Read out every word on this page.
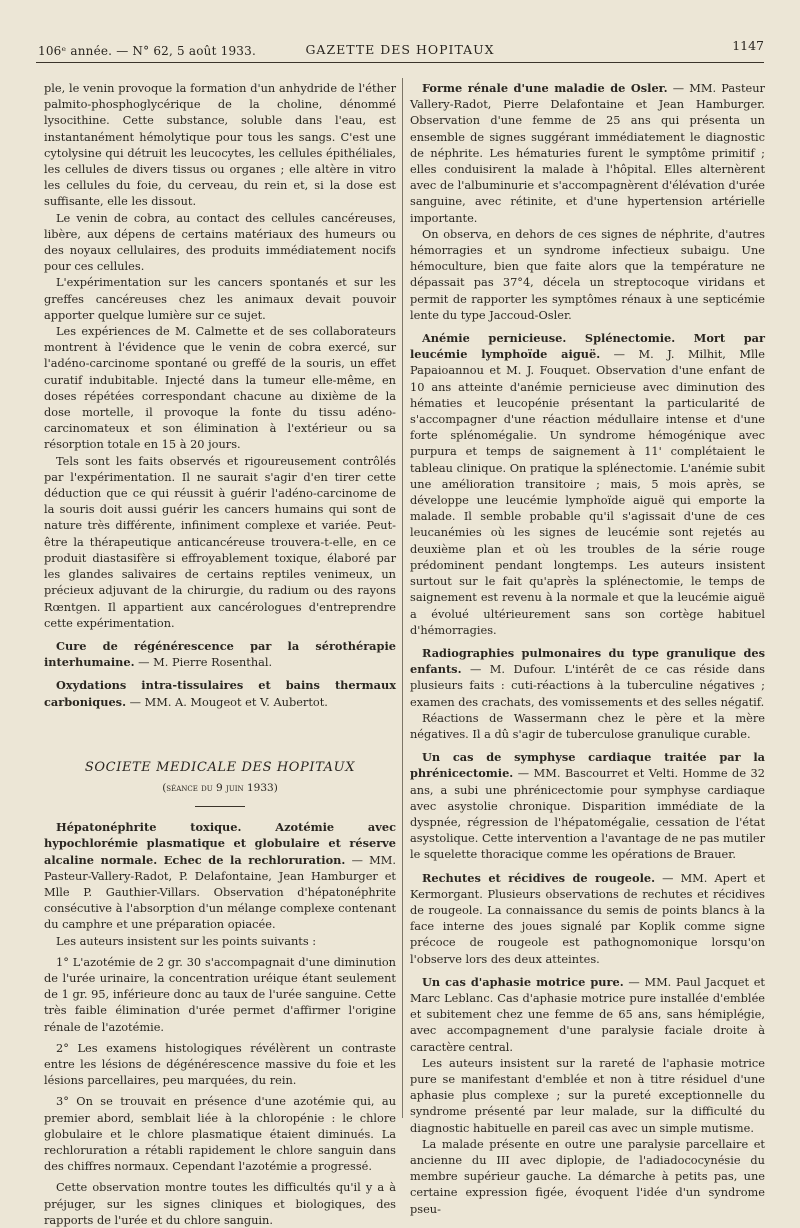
106ᵉ année. — N° 62, 5 août 1933.	GAZETTE DES HOPITAUX	1147

ple, le venin provoque la formation d'un anhydride de l'éther palmito-phosphoglycérique de la choline, dénommé lysocithine. Cette substance, soluble dans l'eau, est instantanément hémolytique pour tous les sangs. C'est une cytolysine qui détruit les leucocytes, les cellules épithéliales, les cellules de divers tissus ou organes ; elle altère in vitro les cellules du foie, du cerveau, du rein et, si la dose est suffisante, elle les dissout.

Le venin de cobra, au contact des cellules cancéreuses, libère, aux dépens de certains matériaux des humeurs ou des noyaux cellulaires, des produits immédiatement nocifs pour ces cellules.

L'expérimentation sur les cancers spontanés et sur les greffes cancéreuses chez les animaux devait pouvoir apporter quelque lumière sur ce sujet.

Les expériences de M. Calmette et de ses collaborateurs montrent à l'évidence que le venin de cobra exercé, sur l'adéno-carcinome spontané ou greffé de la souris, un effet curatif indubitable. Injecté dans la tumeur elle-même, en doses répétées correspondant chacune au dixième de la dose mortelle, il provoque la fonte du tissu adéno-carcinomateux et son élimination à l'extérieur ou sa résorption totale en 15 à 20 jours.

Tels sont les faits observés et rigoureusement contrôlés par l'expérimentation. Il ne saurait s'agir d'en tirer cette déduction que ce qui réussit à guérir l'adéno-carcinome de la souris doit aussi guérir les cancers humains qui sont de nature très différente, infiniment complexe et variée. Peut-être la thérapeutique anticancéreuse trouvera-t-elle, en ce produit diastasifère si effroyablement toxique, élaboré par les glandes salivaires de certains reptiles venimeux, un précieux adjuvant de la chirurgie, du radium ou des rayons Rœntgen. Il appartient aux cancérologues d'entreprendre cette expérimentation.

Cure de régénérescence par la sérothérapie interhumaine. — M. Pierre Rosenthal.

Oxydations intra-tissulaires et bains thermaux carboniques. — MM. A. Mougeot et V. Aubertot.

SOCIETE MEDICALE DES HOPITAUX

(séance du 9 juin 1933)

Hépatonéphrite toxique. Azotémie avec hypochlorémie plasmatique et globulaire et réserve alcaline normale. Echec de la rechloruration. — MM. Pasteur-Vallery-Radot, P. Delafontaine, Jean Hamburger et Mlle P. Gauthier-Villars. Observation d'hépatonéphrite consécutive à l'absorption d'un mélange complexe contenant du camphre et une préparation opiacée.

Les auteurs insistent sur les points suivants :

1° L'azotémie de 2 gr. 30 s'accompagnait d'une diminution de l'urée urinaire, la concentration uréique étant seulement de 1 gr. 95, inférieure donc au taux de l'urée sanguine. Cette très faible élimination d'urée permet d'affirmer l'origine rénale de l'azotémie.

2° Les examens histologiques révélèrent un contraste entre les lésions de dégénérescence massive du foie et les lésions parcellaires, peu marquées, du rein.

3° On se trouvait en présence d'une azotémie qui, au premier abord, semblait liée à la chloropénie : le chlore globulaire et le chlore plasmatique étaient diminués. La rechloruration a rétabli rapidement le chlore sanguin dans des chiffres normaux. Cependant l'azotémie a progressé.

Cette observation montre toutes les difficultés qu'il y a à préjuger, sur les signes cliniques et biologiques, des rapports de l'urée et du chlore sanguin.

Forme rénale d'une maladie de Osler. — MM. Pasteur Vallery-Radot, Pierre Delafontaine et Jean Hamburger. Observation d'une femme de 25 ans qui présenta un ensemble de signes suggérant immédiatement le diagnostic de néphrite. Les hématuries furent le symptôme primitif ; elles conduisirent la malade à l'hôpital. Elles alternèrent avec de l'albuminurie et s'accompagnèrent d'élévation d'urée sanguine, avec rétinite, et d'une hypertension artérielle importante.

On observa, en dehors de ces signes de néphrite, d'autres hémorragies et un syndrome infectieux subaigu. Une hémoculture, bien que faite alors que la température ne dépassait pas 37°4, décela un streptocoque viridans et permit de rapporter les symptômes rénaux à une septicémie lente du type Jaccoud-Osler.

Anémie pernicieuse. Splénectomie. Mort par leucémie lymphoïde aiguë. — M. J. Milhit, Mlle Papaioannou et M. J. Fouquet. Observation d'une enfant de 10 ans atteinte d'anémie pernicieuse avec diminution des hématies et leucopénie présentant la particularité de s'accompagner d'une réaction médullaire intense et d'une forte splénomégalie. Un syndrome hémogénique avec purpura et temps de saignement à 11' complétaient le tableau clinique. On pratique la splénectomie. L'anémie subit une amélioration transitoire ; mais, 5 mois après, se développe une leucémie lymphoïde aiguë qui emporte la malade. Il semble probable qu'il s'agissait d'une de ces leucanémies où les signes de leucémie sont rejetés au deuxième plan et où les troubles de la série rouge prédominent pendant longtemps. Les auteurs insistent surtout sur le fait qu'après la splénectomie, le temps de saignement est revenu à la normale et que la leucémie aiguë a évolué ultérieurement sans son cortège habituel d'hémorragies.

Radiographies pulmonaires du type granulique des enfants. — M. Dufour. L'intérêt de ce cas réside dans plusieurs faits : cuti-réactions à la tuberculine négatives ; examen des crachats, des vomissements et des selles négatif.

Réactions de Wassermann chez le père et la mère négatives. Il a dû s'agir de tuberculose granulique curable.

Un cas de symphyse cardiaque traitée par la phrénicectomie. — MM. Bascourret et Velti. Homme de 32 ans, a subi une phrénicectomie pour symphyse cardiaque avec asystolie chronique. Disparition immédiate de la dyspnée, régression de l'hépatomégalie, cessation de l'état asystolique. Cette intervention a l'avantage de ne pas mutiler le squelette thoracique comme les opérations de Brauer.

Rechutes et récidives de rougeole. — MM. Apert et Kermorgant. Plusieurs observations de rechutes et récidives de rougeole. La connaissance du semis de points blancs à la face interne des joues signalé par Koplik comme signe précoce de rougeole est pathognomonique lorsqu'on l'observe lors des deux atteintes.

Un cas d'aphasie motrice pure. — MM. Paul Jacquet et Marc Leblanc. Cas d'aphasie motrice pure installée d'emblée et subitement chez une femme de 65 ans, sans hémiplégie, avec accompagnement d'une paralysie faciale droite à caractère central.

Les auteurs insistent sur la rareté de l'aphasie motrice pure se manifestant d'emblée et non à titre résiduel d'une aphasie plus complexe ; sur la pureté exceptionnelle du syndrome présenté par leur malade, sur la difficulté du diagnostic habituelle en pareil cas avec un simple mutisme.

La malade présente en outre une paralysie parcellaire et ancienne du III avec diplopie, de l'adiadococynésie du membre supérieur gauche. La démarche à petits pas, une certaine expression figée, évoquent l'idée d'un syndrome pseu-
